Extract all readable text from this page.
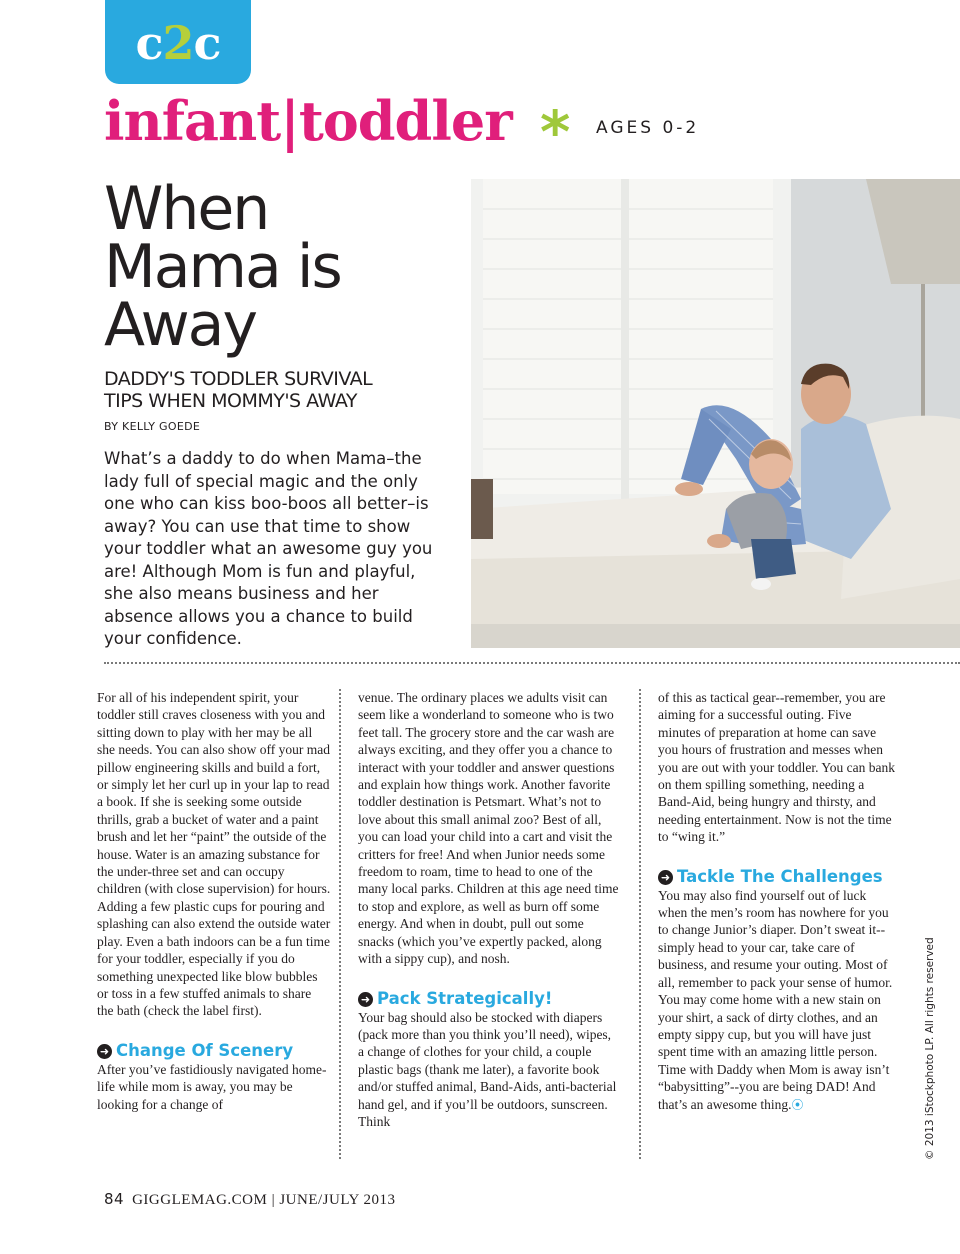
c2c
infant|toddler * AGES 0-2
When
Mama is
Away
DADDY'S TODDLER SURVIVAL
TIPS WHEN MOMMY'S AWAY
BY KELLY GOEDE
What’s a daddy to do when Mama–the lady full of special magic and the only one who can kiss boo-boos all better–is away? You can use that time to show your toddler what an awesome guy you are! Although Mom is fun and playful, she also means business and her absence allows you a chance to build your confidence.

For all of his independent spirit, your toddler still craves closeness with you and sitting down to play with her may be all she needs. You can also show off your mad pillow engineering skills and build a fort, or simply let her curl up in your lap to read a book. If she is seeking some outside thrills, grab a bucket of water and a paint brush and let her “paint” the outside of the house. Water is an amazing substance for the under-three set and can occupy children (with close supervision) for hours. Adding a few plastic cups for pouring and splashing can also extend the outside water play. Even a bath indoors can be a fun time for your toddler, especially if you do something unexpected like blow bubbles or toss in a few stuffed animals to share the bath (check the label first).

➜ Change Of Scenery

After you’ve fastidiously navigated home-life while mom is away, you may be looking for a change of

venue. The ordinary places we adults visit can seem like a wonderland to someone who is two feet tall. The grocery store and the car wash are always exciting, and they offer you a chance to interact with your toddler and answer questions and explain how things work. Another favorite toddler destination is Petsmart. What’s not to love about this small animal zoo? Best of all, you can load your child into a cart and visit the critters for free! And when Junior needs some freedom to roam, time to head to one of the many local parks. Children at this age need time to stop and explore, as well as burn off some energy. And when in doubt, pull out some snacks (which you’ve expertly packed, along with a sippy cup), and nosh.

➜ Pack Strategically!

Your bag should also be stocked with diapers (pack more than you think you’ll need), wipes, a change of clothes for your child, a couple plastic bags (thank me later), a favorite book and/or stuffed animal, Band-Aids, anti-bacterial hand gel, and if you’ll be outdoors, sunscreen. Think

of this as tactical gear--remember, you are aiming for a successful outing. Five minutes of preparation at home can save you hours of frustration and messes when you are out with your toddler. You can bank on them spilling something, needing a Band-Aid, being hungry and thirsty, and needing entertainment. Now is not the time to “wing it.”

➜ Tackle The Challenges

You may also find yourself out of luck when the men’s room has nowhere for you to change Junior’s diaper. Don’t sweat it--simply head to your car, take care of business, and resume your outing. Most of all, remember to pack your sense of humor. You may come home with a new stain on your shirt, a sack of dirty clothes, and an empty sippy cup, but you will have just spent time with an amazing little person. Time with Daddy when Mom is away isn’t “babysitting”--you are being DAD! And that’s an awesome thing.⦿	© 2013 iStockphoto LP. All rights reserved
84 GIGGLEMAG.COM | JUNE/JULY 2013
